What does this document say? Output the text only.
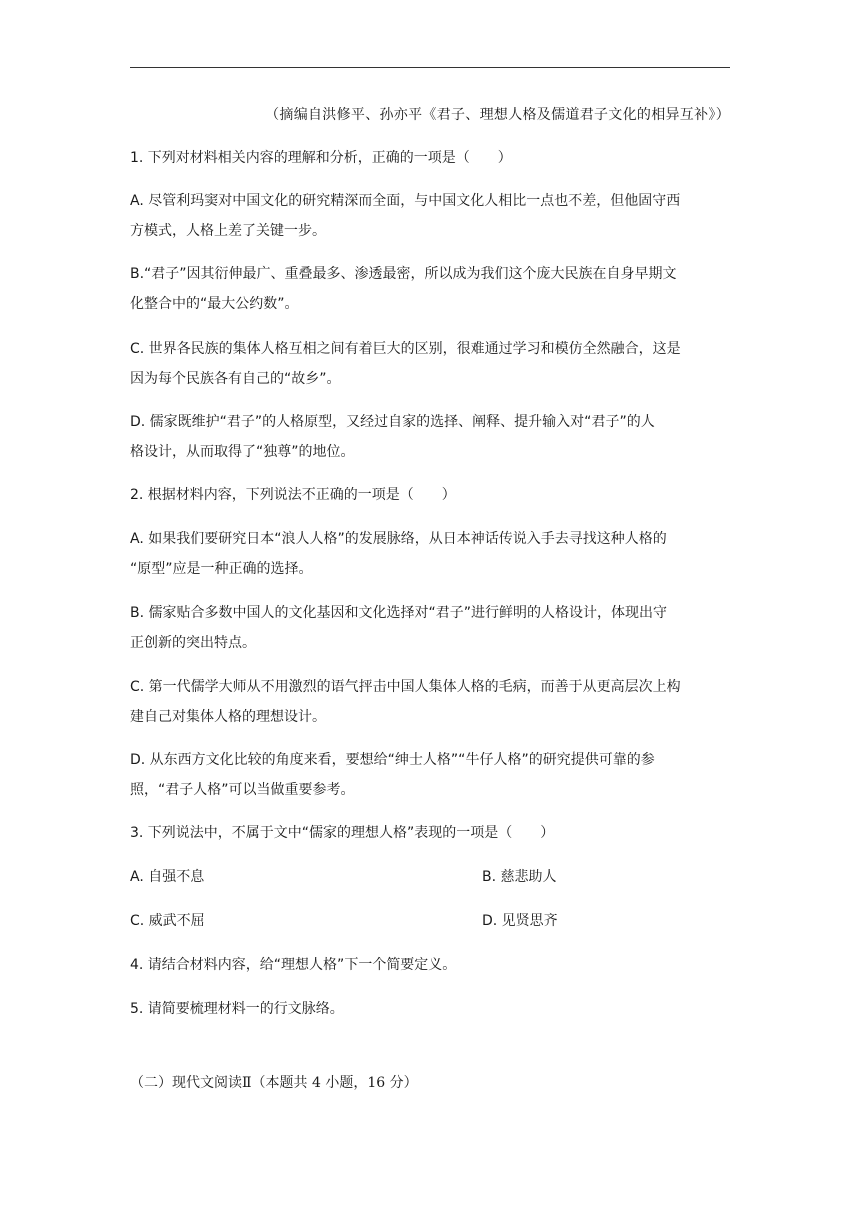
（摘编自洪修平、孙亦平《君子、理想人格及儒道君子文化的相异互补》）
1. 下列对材料相关内容的理解和分析，正确的一项是（　　）
A. 尽管利玛窦对中国文化的研究精深而全面，与中国文化人相比一点也不差，但他固守西
方模式，人格上差了关键一步。
B.“君子”因其衍伸最广、重叠最多、渗透最密，所以成为我们这个庞大民族在自身早期文
化整合中的“最大公约数”。
C. 世界各民族的集体人格互相之间有着巨大的区别，很难通过学习和模仿全然融合，这是
因为每个民族各有自己的“故乡”。
D. 儒家既维护“君子”的人格原型，又经过自家的选择、阐释、提升输入对“君子”的人
格设计，从而取得了“独尊”的地位。
2. 根据材料内容，下列说法不正确的一项是（　　）
A. 如果我们要研究日本“浪人人格”的发展脉络，从日本神话传说入手去寻找这种人格的
“原型”应是一种正确的选择。
B. 儒家贴合多数中国人的文化基因和文化选择对“君子”进行鲜明的人格设计，体现出守
正创新的突出特点。
C. 第一代儒学大师从不用激烈的语气抨击中国人集体人格的毛病，而善于从更高层次上构
建自己对集体人格的理想设计。
D. 从东西方文化比较的角度来看，要想给“绅士人格”“牛仔人格”的研究提供可靠的参
照，“君子人格”可以当做重要参考。
3. 下列说法中，不属于文中“儒家的理想人格”表现的一项是（　　）
A. 自强不息	B. 慈悲助人
C. 威武不屈	D. 见贤思齐
4. 请结合材料内容，给“理想人格”下一个简要定义。
5. 请简要梳理材料一的行文脉络。
（二）现代文阅读Ⅱ（本题共 4 小题，16 分）
